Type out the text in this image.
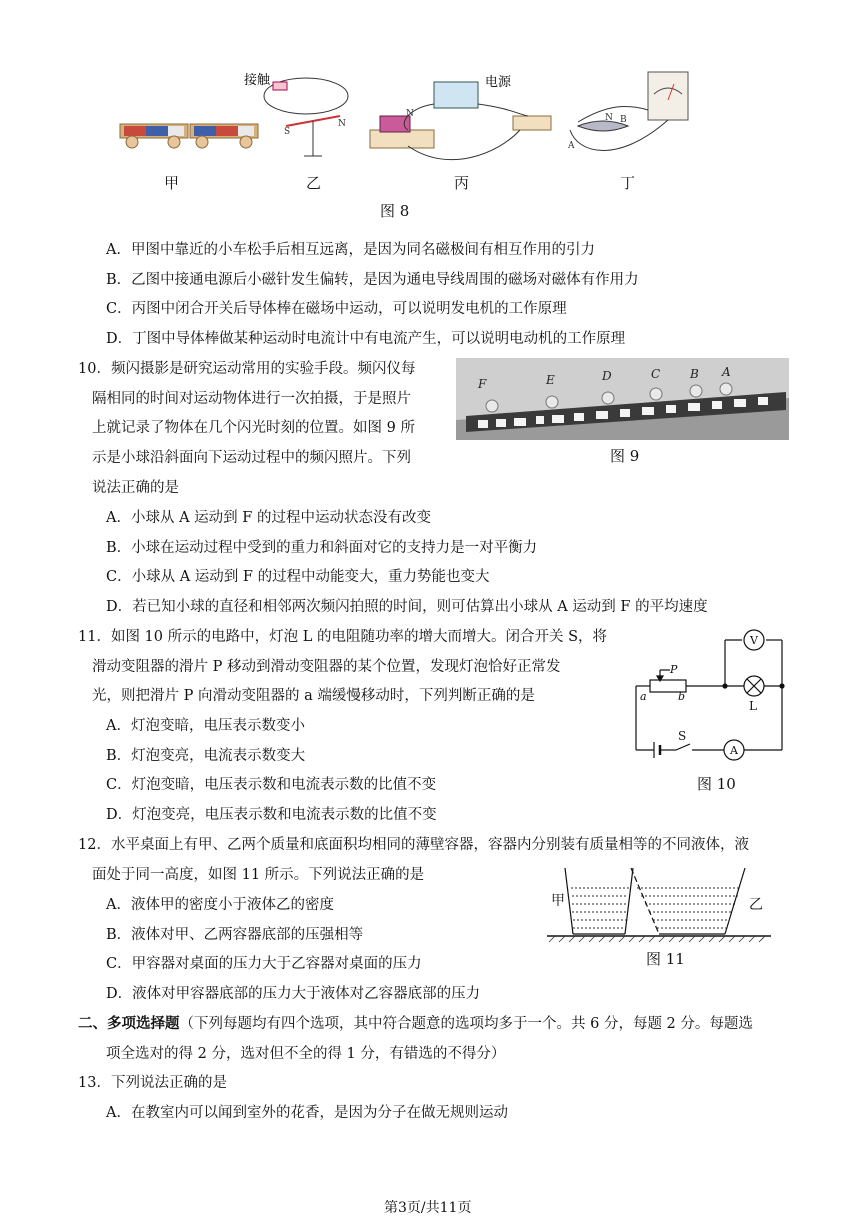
接触	电源
S
N
N	N B
A
甲	乙	丙	丁
图 8
A．甲图中靠近的小车松手后相互远离，是因为同名磁极间有相互作用的引力
B．乙图中接通电源后小磁针发生偏转，是因为通电导线周围的磁场对磁体有作用力
C．丙图中闭合开关后导体棒在磁场中运动，可以说明发电机的工作原理
D．丁图中导体棒做某种运动时电流计中有电流产生，可以说明电动机的工作原理
10．频闪摄影是研究运动常用的实验手段。频闪仪每
隔相同的时间对运动物体进行一次拍摄，于是照片
上就记录了物体在几个闪光时刻的位置。如图 9 所
示是小球沿斜面向下运动过程中的频闪照片。下列
说法正确的是
F	E	D	C B A
图 9
A．小球从 A 运动到 F 的过程中运动状态没有改变
B．小球在运动过程中受到的重力和斜面对它的支持力是一对平衡力
C．小球从 A 运动到 F 的过程中动能变大，重力势能也变大
D．若已知小球的直径和相邻两次频闪拍照的时间，则可估算出小球从 A 运动到 F 的平均速度
11．如图 10 所示的电路中，灯泡 L 的电阻随功率的增大而增大。闭合开关 S，将
滑动变阻器的滑片 P 移动到滑动变阻器的某个位置，发现灯泡恰好正常发
光，则把滑片 P 向滑动变阻器的 a 端缓慢移动时，下列判断正确的是
V
A
L
S
P
a	b
图 10
A．灯泡变暗，电压表示数变小
B．灯泡变亮，电流表示数变大
C．灯泡变暗，电压表示数和电流表示数的比值不变
D．灯泡变亮，电压表示数和电流表示数的比值不变
12．水平桌面上有甲、乙两个质量和底面积均相同的薄壁容器，容器内分别装有质量相等的不同液体，液
面处于同一高度，如图 11 所示。下列说法正确的是
甲	乙
图 11
A．液体甲的密度小于液体乙的密度
B．液体对甲、乙两容器底部的压强相等
C．甲容器对桌面的压力大于乙容器对桌面的压力
D．液体对甲容器底部的压力大于液体对乙容器底部的压力
二、多项选择题（下列每题均有四个选项，其中符合题意的选项均多于一个。共 6 分，每题 2 分。每题选
项全选对的得 2 分，选对但不全的得 1 分，有错选的不得分）
13．下列说法正确的是
A．在教室内可以闻到室外的花香，是因为分子在做无规则运动
第3页/共11页
